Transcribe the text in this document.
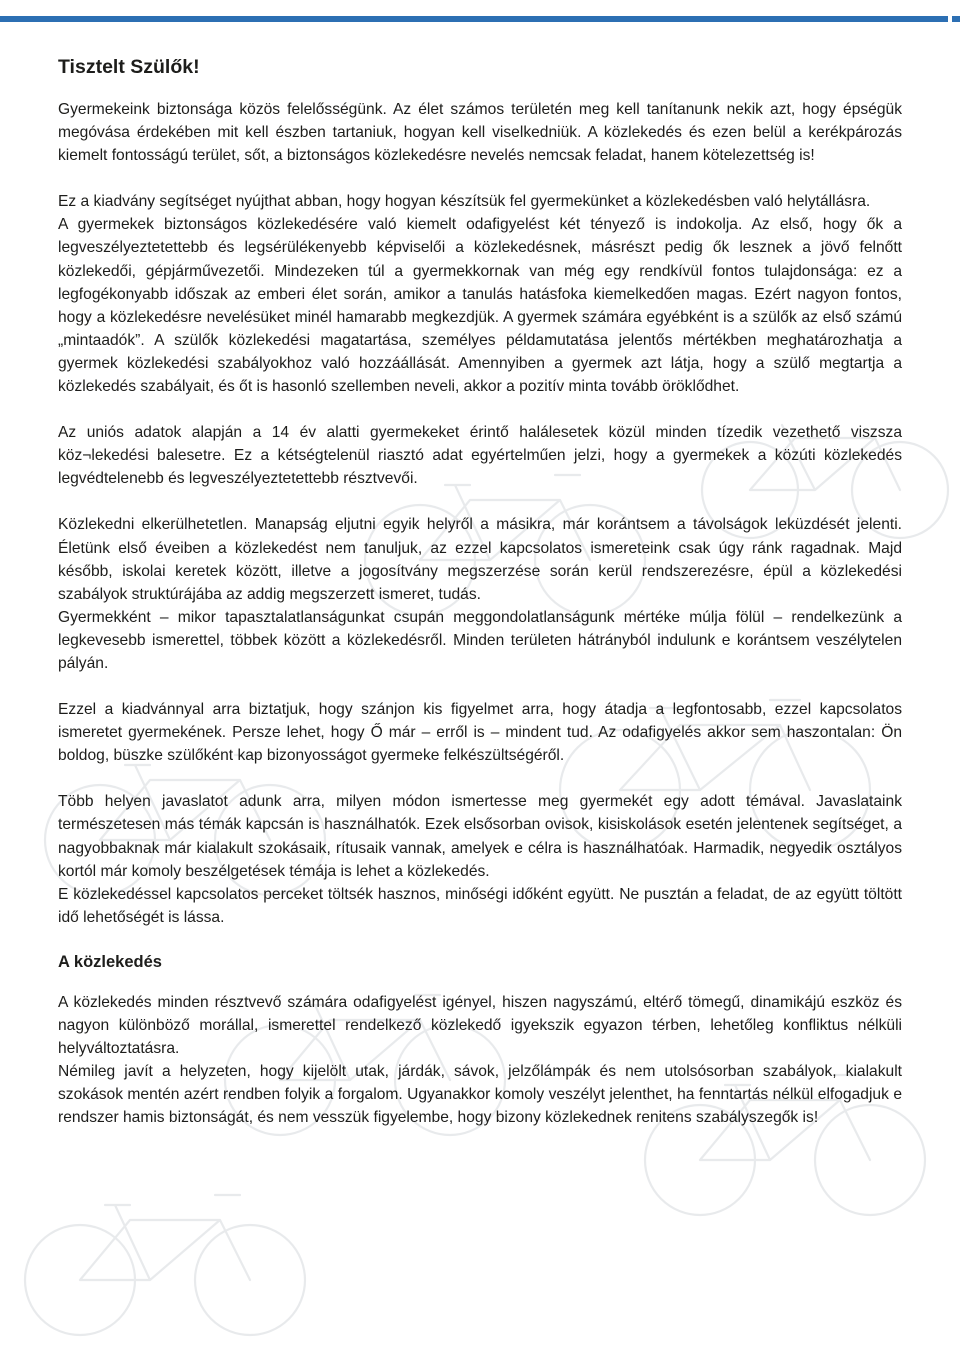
Tisztelt Szülők!

Gyermekeink biztonsága közös felelősségünk. Az élet számos területén meg kell tanítanunk nekik azt, hogy épségük megóvása érdekében mit kell észben tartaniuk, hogyan kell viselkedniük. A közlekedés és ezen belül a kerékpározás kiemelt fontosságú terület, sőt, a biztonságos közlekedésre nevelés nemcsak feladat, hanem kötelezettség is!

Ez a kiadvány segítséget nyújthat abban, hogy hogyan készítsük fel gyermekünket a közlekedésben való helytállásra.

A gyermekek biztonságos közlekedésére való kiemelt odafigyelést két tényező is indokolja. Az első, hogy ők a legveszélyeztetettebb és legsérülékenyebb képviselői a közlekedésnek, másrészt pedig ők lesznek a jövő felnőtt közlekedői, gépjárművezetői. Mindezeken túl a gyermekkornak van még egy rendkívül fontos tulajdonsága: ez a legfogékonyabb időszak az emberi élet során, amikor a tanulás hatásfoka kiemelkedően magas. Ezért nagyon fontos, hogy a közlekedésre nevelésüket minél hamarabb megkezdjük. A gyermek számára egyébként is a szülők az első számú „mintaadók”. A szülők közlekedési magatartása, személyes példamutatása jelentős mértékben meghatározhatja a gyermek közlekedési szabályokhoz való hozzáállását. Amennyiben a gyermek azt látja, hogy a szülő megtartja a közlekedés szabályait, és őt is hasonló szellemben neveli, akkor a pozitív minta tovább öröklődhet.

Az uniós adatok alapján a 14 év alatti gyermekeket érintő halálesetek közül minden tízedik vezethető viszsza köz¬lekedési balesetre. Ez a kétségtelenül riasztó adat egyértelműen jelzi, hogy a gyermekek a közúti közlekedés legvédtelenebb és legveszélyeztetettebb résztvevői.

Közlekedni elkerülhetetlen. Manapság eljutni egyik helyről a másikra, már korántsem a távolságok leküzdését jelenti. Életünk első éveiben a közlekedést nem tanuljuk, az ezzel kapcsolatos ismereteink csak úgy ránk ragadnak. Majd később, iskolai keretek között, illetve a jogosítvány megszerzése során kerül rendszerezésre, épül a közlekedési szabályok struktúrájába az addig megszerzett ismeret, tudás.

Gyermekként – mikor tapasztalatlanságunkat csupán meggondolatlanságunk mértéke múlja fölül – rendelkezünk a legkevesebb ismerettel, többek között a közlekedésről. Minden területen hátrányból indulunk e korántsem veszélytelen pályán.

Ezzel a kiadvánnyal arra biztatjuk, hogy szánjon kis figyelmet arra, hogy átadja a legfontosabb, ezzel kapcsolatos ismeretet gyermekének. Persze lehet, hogy Ő már – erről is – mindent tud. Az odafigyelés akkor sem haszontalan: Ön boldog, büszke szülőként kap bizonyosságot gyermeke felkészültségéről.

Több helyen javaslatot adunk arra, milyen módon ismertesse meg gyermekét egy adott témával. Javaslataink természetesen más témák kapcsán is használhatók. Ezek elsősorban ovisok, kisiskolások esetén jelentenek segítséget, a nagyobbaknak már kialakult szokásaik, rítusaik vannak, amelyek e célra is használhatóak. Harmadik, negyedik osztályos kortól már komoly beszélgetések témája is lehet a közlekedés.

E közlekedéssel kapcsolatos perceket töltsék hasznos, minőségi időként együtt. Ne pusztán a feladat, de az együtt töltött idő lehetőségét is lássa.

A közlekedés

A közlekedés minden résztvevő számára odafigyelést igényel, hiszen nagyszámú, eltérő tömegű, dinamikájú eszköz és nagyon különböző morállal, ismerettel rendelkező közlekedő igyekszik egyazon térben, lehetőleg konfliktus nélküli helyváltoztatásra.

Némileg javít a helyzeten, hogy kijelölt utak, járdák, sávok, jelzőlámpák és nem utolsósorban szabályok, kialakult szokások mentén azért rendben folyik a forgalom. Ugyanakkor komoly veszélyt jelenthet, ha fenntartás nélkül elfogadjuk e rendszer hamis biztonságát, és nem vesszük figyelembe, hogy bizony közlekednek renitens szabályszegők is!
